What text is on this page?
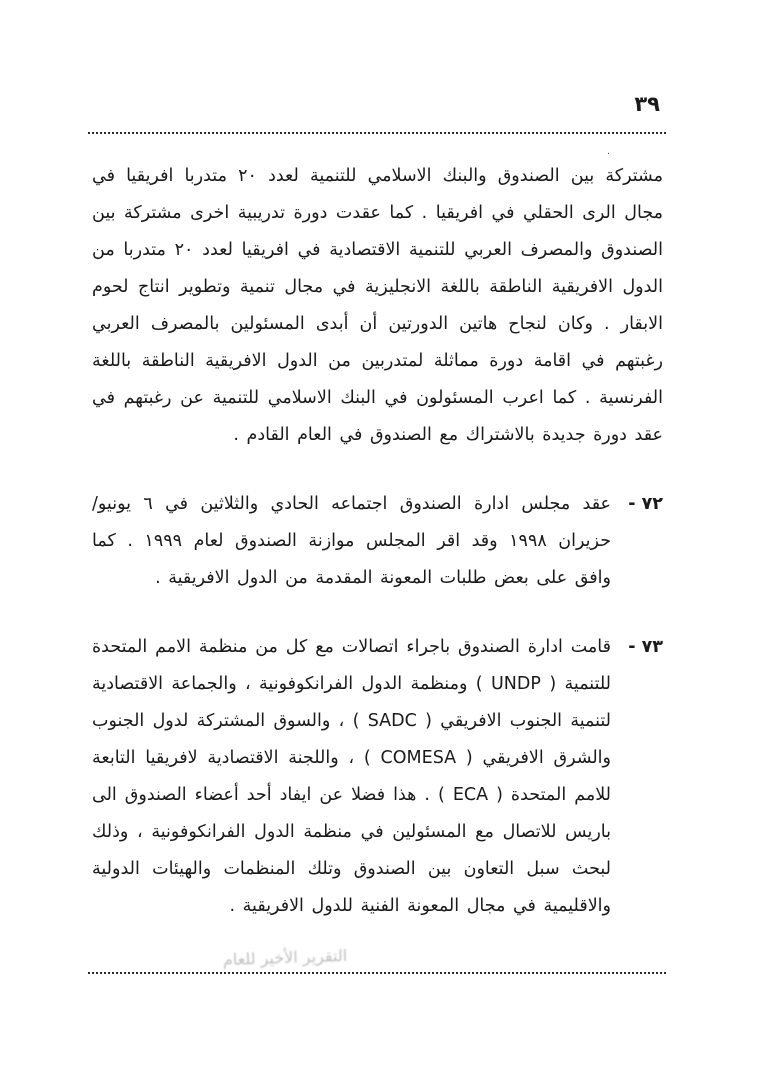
٣٩
.

مشتركة بين الصندوق والبنك الاسلامي للتنمية لعدد ٢٠ متدربا افريقيا في مجال الرى الحقلي في افريقيا . كما عقدت دورة تدريبية اخرى مشتركة بين الصندوق والمصرف العربي للتنمية الاقتصادية في افريقيا لعدد ٢٠ متدربا من الدول الافريقية الناطقة باللغة الانجليزية في مجال تنمية وتطوير انتاج لحوم الابقار . وكان لنجاح هاتين الدورتين أن أبدى المسئولين بالمصرف العربي رغبتهم في اقامة دورة مماثلة لمتدربين من الدول الافريقية الناطقة باللغة الفرنسية . كما اعرب المسئولون في البنك الاسلامي للتنمية عن رغبتهم في عقد دورة جديدة بالاشتراك مع الصندوق في العام القادم .

٧٢ -
عقد مجلس ادارة الصندوق اجتماعه الحادي والثلاثين في ٦ يونيو/ حزيران ١٩٩٨ وقد اقر المجلس موازنة الصندوق لعام ١٩٩٩ . كما وافق على بعض طلبات المعونة المقدمة من الدول الافريقية .
٧٣ -
قامت ادارة الصندوق باجراء اتصالات مع كل من منظمة الامم المتحدة للتنمية ( UNDP ) ومنظمة الدول الفرانكوفونية ، والجماعة الاقتصادية لتنمية الجنوب الافريقي ( SADC ) ، والسوق المشتركة لدول الجنوب والشرق الافريقي ( COMESA ) ، واللجنة الاقتصادية لافريقيا التابعة للامم المتحدة ( ECA ) . هذا فضلا عن ايفاد أحد أعضاء الصندوق الى باريس للاتصال مع المسئولين في منظمة الدول الفرانكوفونية ، وذلك لبحث سبل التعاون بين الصندوق وتلك المنظمات والهيئات الدولية والاقليمية في مجال المعونة الفنية للدول الافريقية .
التقرير الأخير للعام
